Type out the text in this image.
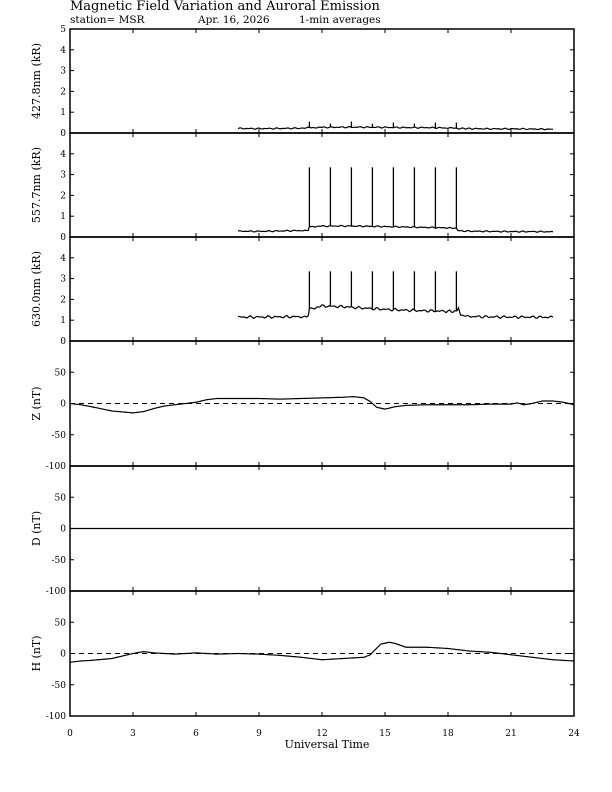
Magnetic Field Variation and Auroral Emission
station= MSR	Apr. 16, 2026	1-min averages
0
1
2
3
4
5
427.8nm (kR)
0
1
2
3
4
557.7nm (kR)
0
1
2
3
4
630.0nm (kR)
-100
-50
0
50
Z (nT)
-100
-50
0
50
D (nT)
-100
-50
0
50
H (nT)
0	3	6	9	12	15	18	21	24
Universal Time
